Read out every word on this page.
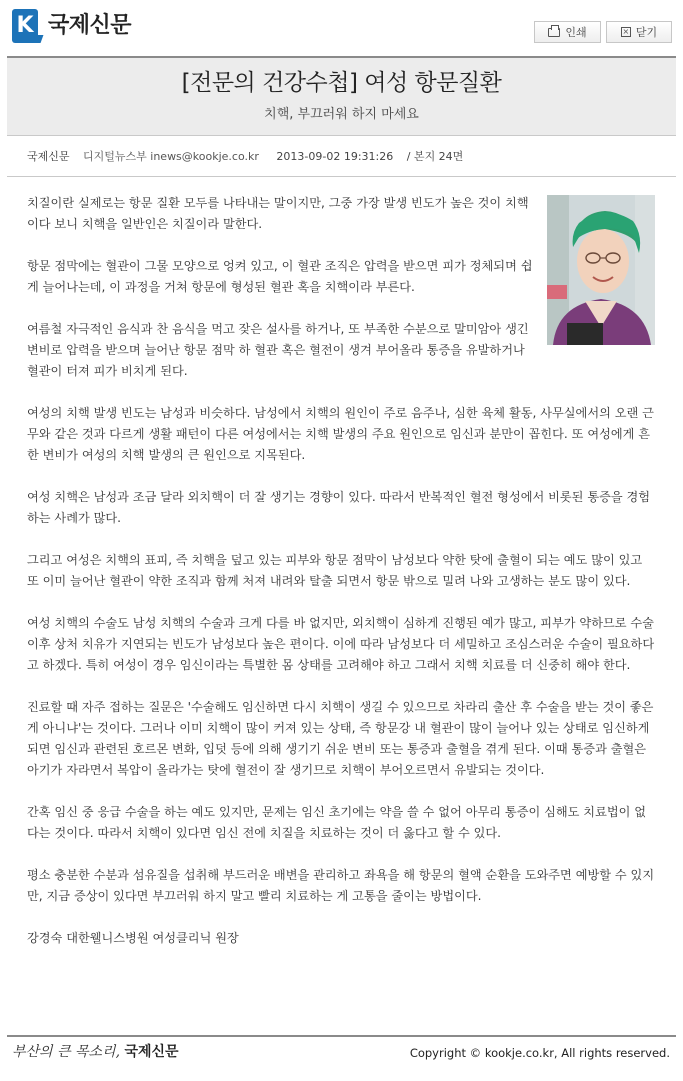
K 국제신문	인쇄	× 닫기
[전문의 건강수첩] 여성 항문질환
치핵, 부끄러워 하지 마세요
국제신문 디지털뉴스부 inews@kookje.co.kr 2013-09-02 19:31:26 / 본지 24면

치질이란 실제로는 항문 질환 모두를 나타내는 말이지만, 그중 가장 발생 빈도가 높은 것이 치핵이다 보니 치핵을 일반인은 치질이라 말한다.

항문 점막에는 혈관이 그물 모양으로 엉켜 있고, 이 혈관 조직은 압력을 받으면 피가 정체되며 쉽게 늘어나는데, 이 과정을 거쳐 항문에 형성된 혈관 혹을 치핵이라 부른다.

여름철 자극적인 음식과 찬 음식을 먹고 잦은 설사를 하거나, 또 부족한 수분으로 말미암아 생긴 변비로 압력을 받으며 늘어난 항문 점막 하 혈관 혹은 혈전이 생겨 부어올라 통증을 유발하거나 혈관이 터져 피가 비치게 된다.

여성의 치핵 발생 빈도는 남성과 비슷하다. 남성에서 치핵의 원인이 주로 음주나, 심한 육체 활동, 사무실에서의 오랜 근무와 같은 것과 다르게 생활 패턴이 다른 여성에서는 치핵 발생의 주요 원인으로 임신과 분만이 꼽힌다. 또 여성에게 흔한 변비가 여성의 치핵 발생의 큰 원인으로 지목된다.

여성 치핵은 남성과 조금 달라 외치핵이 더 잘 생기는 경향이 있다. 따라서 반복적인 혈전 형성에서 비롯된 통증을 경험하는 사례가 많다.

그리고 여성은 치핵의 표피, 즉 치핵을 덮고 있는 피부와 항문 점막이 남성보다 약한 탓에 출혈이 되는 예도 많이 있고 또 이미 늘어난 혈관이 약한 조직과 함께 처져 내려와 탈출 되면서 항문 밖으로 밀려 나와 고생하는 분도 많이 있다.

여성 치핵의 수술도 남성 치핵의 수술과 크게 다를 바 없지만, 외치핵이 심하게 진행된 예가 많고, 피부가 약하므로 수술 이후 상처 치유가 지연되는 빈도가 남성보다 높은 편이다. 이에 따라 남성보다 더 세밀하고 조심스러운 수술이 필요하다고 하겠다. 특히 여성이 경우 임신이라는 특별한 몸 상태를 고려해야 하고 그래서 치핵 치료를 더 신중히 해야 한다.

진료할 때 자주 접하는 질문은 '수술해도 임신하면 다시 치핵이 생길 수 있으므로 차라리 출산 후 수술을 받는 것이 좋은 게 아니냐'는 것이다. 그러나 이미 치핵이 많이 커져 있는 상태, 즉 항문강 내 혈관이 많이 늘어나 있는 상태로 임신하게 되면 임신과 관련된 호르몬 변화, 입덧 등에 의해 생기기 쉬운 변비 또는 통증과 출혈을 겪게 된다. 이때 통증과 출혈은 아기가 자라면서 복압이 올라가는 탓에 혈전이 잘 생기므로 치핵이 부어오르면서 유발되는 것이다.

간혹 임신 중 응급 수술을 하는 예도 있지만, 문제는 임신 초기에는 약을 쓸 수 없어 아무리 통증이 심해도 치료법이 없다는 것이다. 따라서 치핵이 있다면 임신 전에 치질을 치료하는 것이 더 옳다고 할 수 있다.

평소 충분한 수분과 섬유질을 섭취해 부드러운 배변을 관리하고 좌욕을 해 항문의 혈액 순환을 도와주면 예방할 수 있지만, 지금 증상이 있다면 부끄러워 하지 말고 빨리 치료하는 게 고통을 줄이는 방법이다.

강경숙 대한웰니스병원 여성클리닉 원장

부산의 큰 목소리, 국제신문	Copyright © kookje.co.kr, All rights reserved.
